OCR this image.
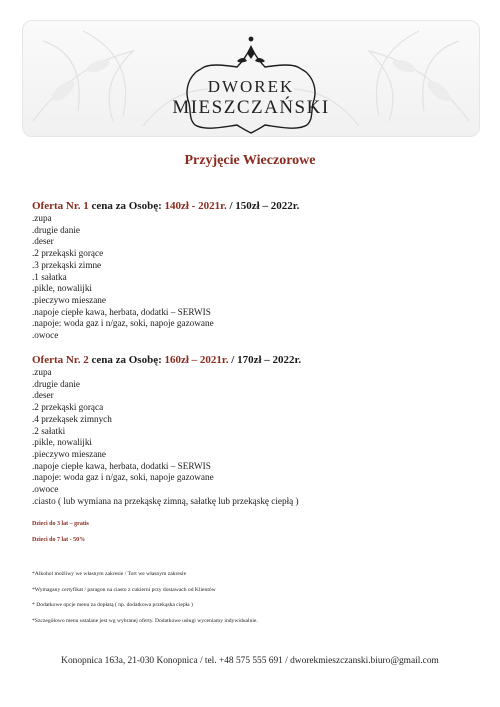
DWOREK
MIESZCZAŃSKI
Przyjęcie Wieczorowe
Oferta Nr. 1 cena za Osobę: 140zł - 2021r. / 150zł – 2022r.
.zupa
.drugie danie
.deser
.2 przekąski gorące
.3 przekąski zimne
.1 sałatka
.pikle, nowalijki
.pieczywo mieszane
.napoje ciepłe kawa, herbata, dodatki – SERWIS
.napoje: woda gaz i n/gaz, soki, napoje gazowane
.owoce
Oferta Nr. 2 cena za Osobę: 160zł – 2021r. / 170zł – 2022r.
.zupa
.drugie danie
.deser
.2 przekąski gorąca
.4 przekąsek zimnych
.2 sałatki
.pikle, nowalijki
.pieczywo mieszane
.napoje ciepłe kawa, herbata, dodatki – SERWIS
.napoje: woda gaz i n/gaz, soki, napoje gazowane
.owoce
.ciasto ( lub wymiana na przekąskę zimną, sałatkę lub przekąskę ciepłą )
Dzieci do 3 lat – gratis
Dzieci do 7 lat - 50%
*Alkohol możliwy we własnym zakresie / Tort we własnym zakresie
*Wymagany certyfikat / paragon na ciasto z cukierni przy dostawach od Klientów
* Dodatkowe opcje menu za dopłatą ( np. dodatkowa przekąska ciepła )
*Szczegółowo menu ustalane jest wg wybranej oferty. Dodatkowe usługi wyceniamy indywidualnie.
Konopnica 163a, 21-030 Konopnica / tel. +48 575 555 691 / dworekmieszczanski.biuro@gmail.com
